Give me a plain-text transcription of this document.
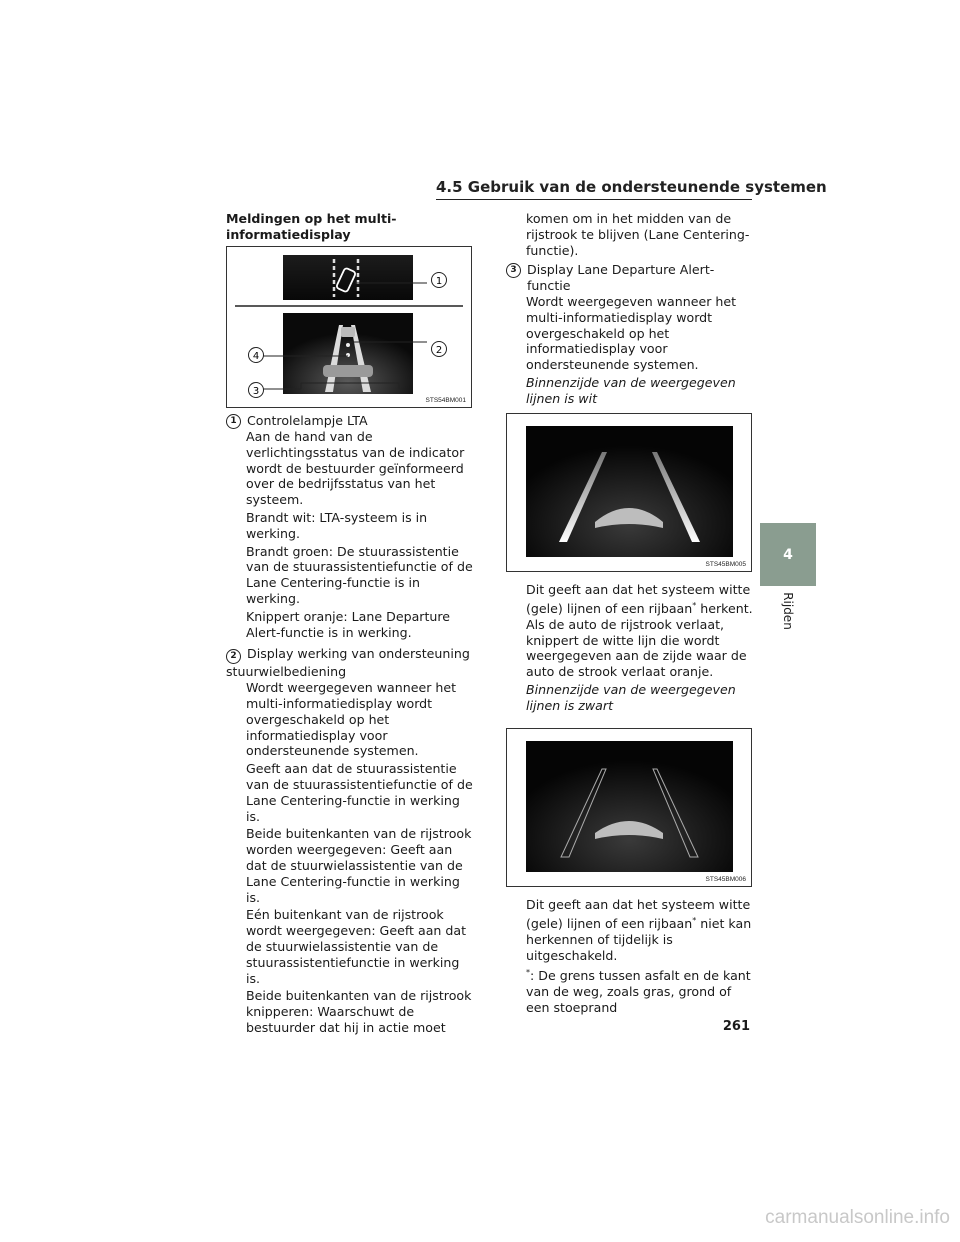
4.5 Gebruik van de ondersteunende systemen

Meldingen op het multi-informatiedisplay

1
2
3
4
STS54BM001
1 Controlelampje LTA

Aan de hand van de verlichtingsstatus van de indicator wordt de bestuurder geïnformeerd over de bedrijfsstatus van het systeem.

Brandt wit: LTA-systeem is in werking.

Brandt groen: De stuurassistentie van de stuurassistentiefunctie of de Lane Centering-functie is in werking.

Knippert oranje: Lane Departure Alert-functie is in werking.

2 Display werking van ondersteuning stuurwielbediening

Wordt weergegeven wanneer het multi-informatiedisplay wordt overgeschakeld op het informatiedisplay voor ondersteunende systemen.

Geeft aan dat de stuurassistentie van de stuurassistentiefunctie of de Lane Centering-functie in werking is.

Beide buitenkanten van de rijstrook worden weergegeven: Geeft aan dat de stuurwielassistentie van de Lane Centering-functie in werking is.

Eén buitenkant van de rijstrook wordt weergegeven: Geeft aan dat de stuurwielassistentie van de stuurassistentiefunctie in werking is.

Beide buitenkanten van de rijstrook knipperen: Waarschuwt de bestuurder dat hij in actie moet

komen om in het midden van de rijstrook te blijven (Lane Centering-functie).

3 Display Lane Departure Alert-functie

Wordt weergegeven wanneer het multi-informatiedisplay wordt overgeschakeld op het informatiedisplay voor ondersteunende systemen.

Binnenzijde van de weergegeven lijnen is wit

STS45BM005

Dit geeft aan dat het systeem witte (gele) lijnen of een rijbaan* herkent. Als de auto de rijstrook verlaat, knippert de witte lijn die wordt weergegeven aan de zijde waar de auto de strook verlaat oranje.

Binnenzijde van de weergegeven lijnen is zwart

STS45BM006

Dit geeft aan dat het systeem witte (gele) lijnen of een rijbaan* niet kan herkennen of tijdelijk is uitgeschakeld.

*: De grens tussen asfalt en de kant van de weg, zoals gras, grond of een stoeprand

4
Rijden
261
carmanualsonline.info
